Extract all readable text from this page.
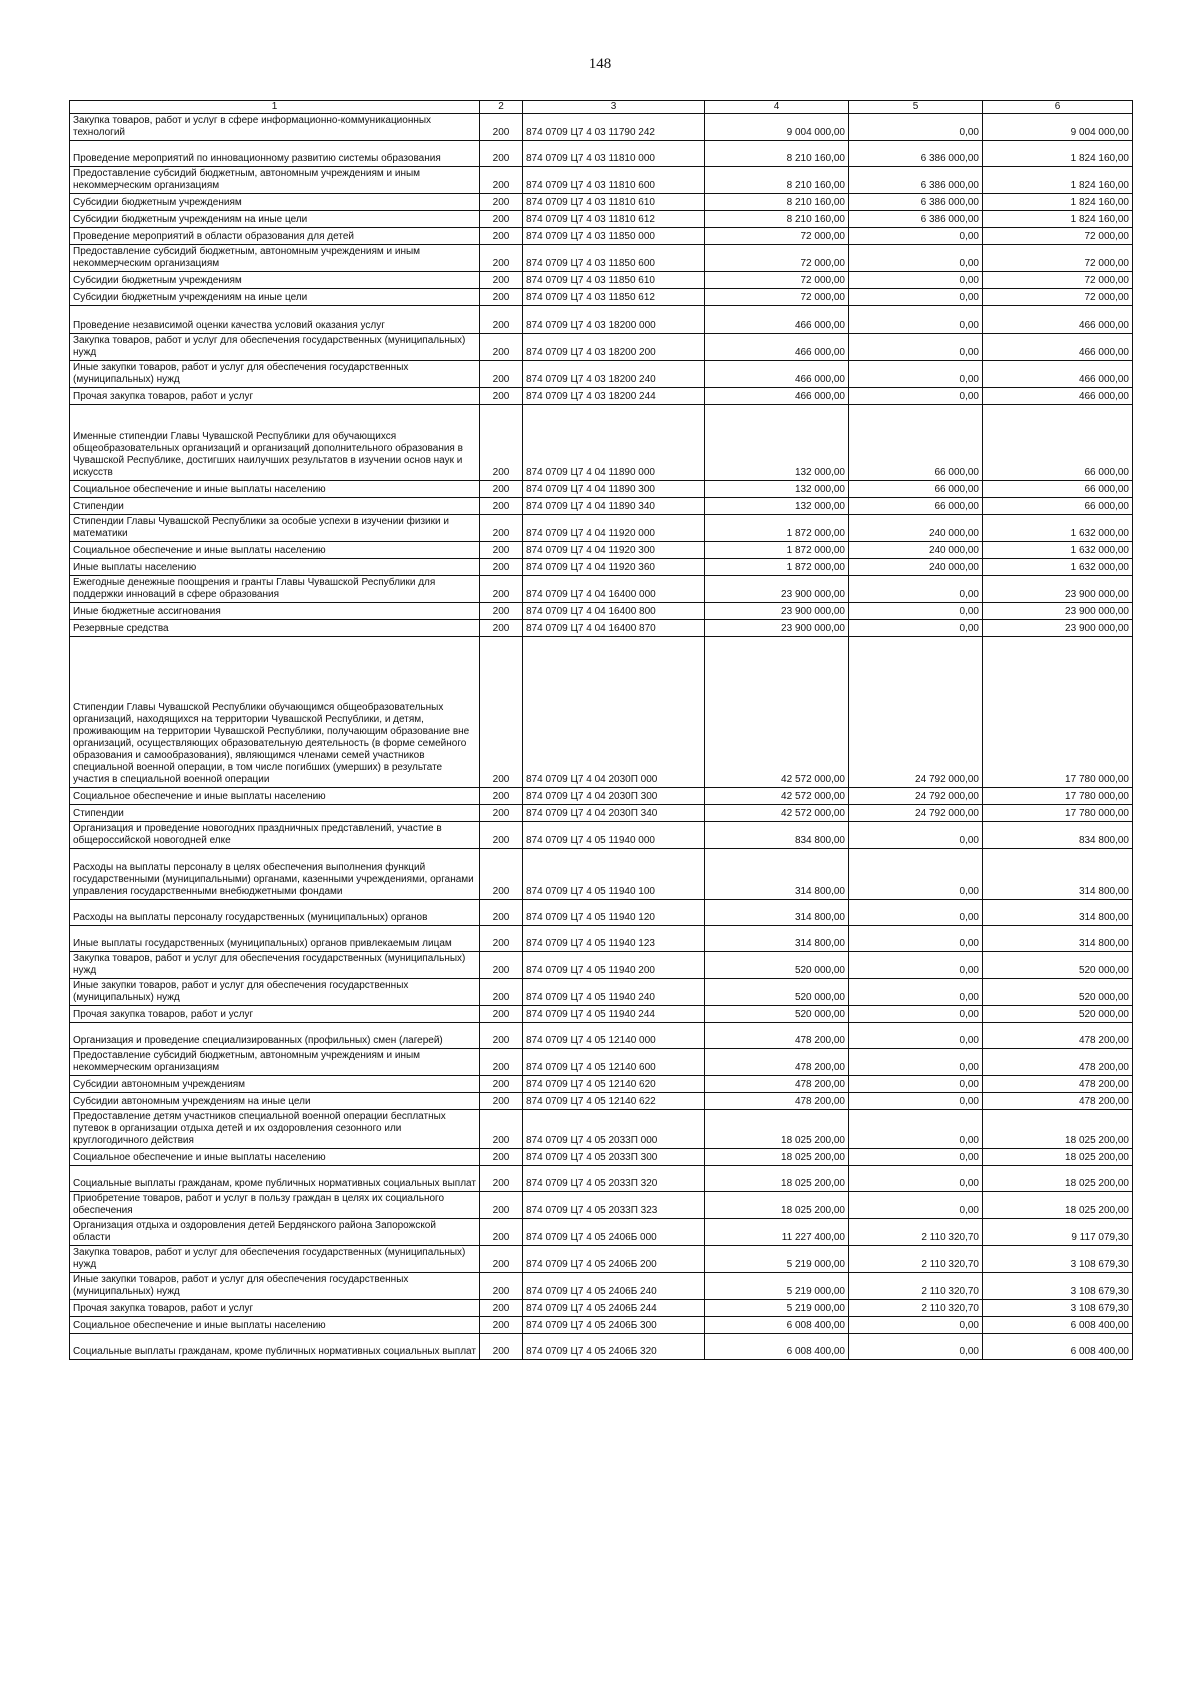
148
1	2	3	4	5	6
Закупка товаров, работ и услуг в сфере информационно-коммуникационных технологий	200	874 0709 Ц7 4 03 11790 242	9 004 000,00	0,00	9 004 000,00
Проведение мероприятий по инновационному развитию системы образования	200	874 0709 Ц7 4 03 11810 000	8 210 160,00	6 386 000,00	1 824 160,00
Предоставление субсидий бюджетным, автономным учреждениям и иным некоммерческим организациям	200	874 0709 Ц7 4 03 11810 600	8 210 160,00	6 386 000,00	1 824 160,00
Субсидии бюджетным учреждениям	200	874 0709 Ц7 4 03 11810 610	8 210 160,00	6 386 000,00	1 824 160,00
Субсидии бюджетным учреждениям на иные цели	200	874 0709 Ц7 4 03 11810 612	8 210 160,00	6 386 000,00	1 824 160,00
Проведение мероприятий в области образования для детей	200	874 0709 Ц7 4 03 11850 000	72 000,00	0,00	72 000,00
Предоставление субсидий бюджетным, автономным учреждениям и иным некоммерческим организациям	200	874 0709 Ц7 4 03 11850 600	72 000,00	0,00	72 000,00
Субсидии бюджетным учреждениям	200	874 0709 Ц7 4 03 11850 610	72 000,00	0,00	72 000,00
Субсидии бюджетным учреждениям на иные цели	200	874 0709 Ц7 4 03 11850 612	72 000,00	0,00	72 000,00
Проведение независимой оценки качества условий оказания услуг	200	874 0709 Ц7 4 03 18200 000	466 000,00	0,00	466 000,00
Закупка товаров, работ и услуг для обеспечения государственных (муниципальных) нужд	200	874 0709 Ц7 4 03 18200 200	466 000,00	0,00	466 000,00
Иные закупки товаров, работ и услуг для обеспечения государственных (муниципальных) нужд	200	874 0709 Ц7 4 03 18200 240	466 000,00	0,00	466 000,00
Прочая закупка товаров, работ и услуг	200	874 0709 Ц7 4 03 18200 244	466 000,00	0,00	466 000,00
Именные стипендии Главы Чувашской Республики для обучающихся общеобразовательных организаций и организаций дополнительного образования в Чувашской Республике, достигших наилучших результатов в изучении основ наук и искусств	200	874 0709 Ц7 4 04 11890 000	132 000,00	66 000,00	66 000,00
Социальное обеспечение и иные выплаты населению	200	874 0709 Ц7 4 04 11890 300	132 000,00	66 000,00	66 000,00
Стипендии	200	874 0709 Ц7 4 04 11890 340	132 000,00	66 000,00	66 000,00
Стипендии Главы Чувашской Республики за особые успехи в изучении физики и математики	200	874 0709 Ц7 4 04 11920 000	1 872 000,00	240 000,00	1 632 000,00
Социальное обеспечение и иные выплаты населению	200	874 0709 Ц7 4 04 11920 300	1 872 000,00	240 000,00	1 632 000,00
Иные выплаты населению	200	874 0709 Ц7 4 04 11920 360	1 872 000,00	240 000,00	1 632 000,00
Ежегодные денежные поощрения и гранты Главы Чувашской Республики для поддержки инноваций в сфере образования	200	874 0709 Ц7 4 04 16400 000	23 900 000,00	0,00	23 900 000,00
Иные бюджетные ассигнования	200	874 0709 Ц7 4 04 16400 800	23 900 000,00	0,00	23 900 000,00
Резервные средства	200	874 0709 Ц7 4 04 16400 870	23 900 000,00	0,00	23 900 000,00
Стипендии Главы Чувашской Республики обучающимся общеобразовательных организаций, находящихся на территории Чувашской Республики, и детям, проживающим на территории Чувашской Республики, получающим образование вне организаций, осуществляющих образовательную деятельность (в форме семейного образования и самообразования), являющимся членами семей участников специальной военной операции, в том числе погибших (умерших) в результате участия в специальной военной операции	200	874 0709 Ц7 4 04 2030П 000	42 572 000,00	24 792 000,00	17 780 000,00
Социальное обеспечение и иные выплаты населению	200	874 0709 Ц7 4 04 2030П 300	42 572 000,00	24 792 000,00	17 780 000,00
Стипендии	200	874 0709 Ц7 4 04 2030П 340	42 572 000,00	24 792 000,00	17 780 000,00
Организация и проведение новогодних праздничных представлений, участие в общероссийской новогодней елке	200	874 0709 Ц7 4 05 11940 000	834 800,00	0,00	834 800,00
Расходы на выплаты персоналу в целях обеспечения выполнения функций государственными (муниципальными) органами, казенными учреждениями, органами управления государственными внебюджетными фондами	200	874 0709 Ц7 4 05 11940 100	314 800,00	0,00	314 800,00
Расходы на выплаты персоналу государственных (муниципальных) органов	200	874 0709 Ц7 4 05 11940 120	314 800,00	0,00	314 800,00
Иные выплаты государственных (муниципальных) органов привлекаемым лицам	200	874 0709 Ц7 4 05 11940 123	314 800,00	0,00	314 800,00
Закупка товаров, работ и услуг для обеспечения государственных (муниципальных) нужд	200	874 0709 Ц7 4 05 11940 200	520 000,00	0,00	520 000,00
Иные закупки товаров, работ и услуг для обеспечения государственных (муниципальных) нужд	200	874 0709 Ц7 4 05 11940 240	520 000,00	0,00	520 000,00
Прочая закупка товаров, работ и услуг	200	874 0709 Ц7 4 05 11940 244	520 000,00	0,00	520 000,00
Организация и проведение специализированных (профильных) смен (лагерей)	200	874 0709 Ц7 4 05 12140 000	478 200,00	0,00	478 200,00
Предоставление субсидий бюджетным, автономным учреждениям и иным некоммерческим организациям	200	874 0709 Ц7 4 05 12140 600	478 200,00	0,00	478 200,00
Субсидии автономным учреждениям	200	874 0709 Ц7 4 05 12140 620	478 200,00	0,00	478 200,00
Субсидии автономным учреждениям на иные цели	200	874 0709 Ц7 4 05 12140 622	478 200,00	0,00	478 200,00
Предоставление детям участников специальной военной операции бесплатных путевок в организации отдыха детей и их оздоровления сезонного или круглогодичного действия	200	874 0709 Ц7 4 05 2033П 000	18 025 200,00	0,00	18 025 200,00
Социальное обеспечение и иные выплаты населению	200	874 0709 Ц7 4 05 2033П 300	18 025 200,00	0,00	18 025 200,00
Социальные выплаты гражданам, кроме публичных нормативных социальных выплат	200	874 0709 Ц7 4 05 2033П 320	18 025 200,00	0,00	18 025 200,00
Приобретение товаров, работ и услуг в пользу граждан в целях их социального обеспечения	200	874 0709 Ц7 4 05 2033П 323	18 025 200,00	0,00	18 025 200,00
Организация отдыха и оздоровления детей Бердянского района Запорожской области	200	874 0709 Ц7 4 05 2406Б 000	11 227 400,00	2 110 320,70	9 117 079,30
Закупка товаров, работ и услуг для обеспечения государственных (муниципальных) нужд	200	874 0709 Ц7 4 05 2406Б 200	5 219 000,00	2 110 320,70	3 108 679,30
Иные закупки товаров, работ и услуг для обеспечения государственных (муниципальных) нужд	200	874 0709 Ц7 4 05 2406Б 240	5 219 000,00	2 110 320,70	3 108 679,30
Прочая закупка товаров, работ и услуг	200	874 0709 Ц7 4 05 2406Б 244	5 219 000,00	2 110 320,70	3 108 679,30
Социальное обеспечение и иные выплаты населению	200	874 0709 Ц7 4 05 2406Б 300	6 008 400,00	0,00	6 008 400,00
Социальные выплаты гражданам, кроме публичных нормативных социальных выплат	200	874 0709 Ц7 4 05 2406Б 320	6 008 400,00	0,00	6 008 400,00
